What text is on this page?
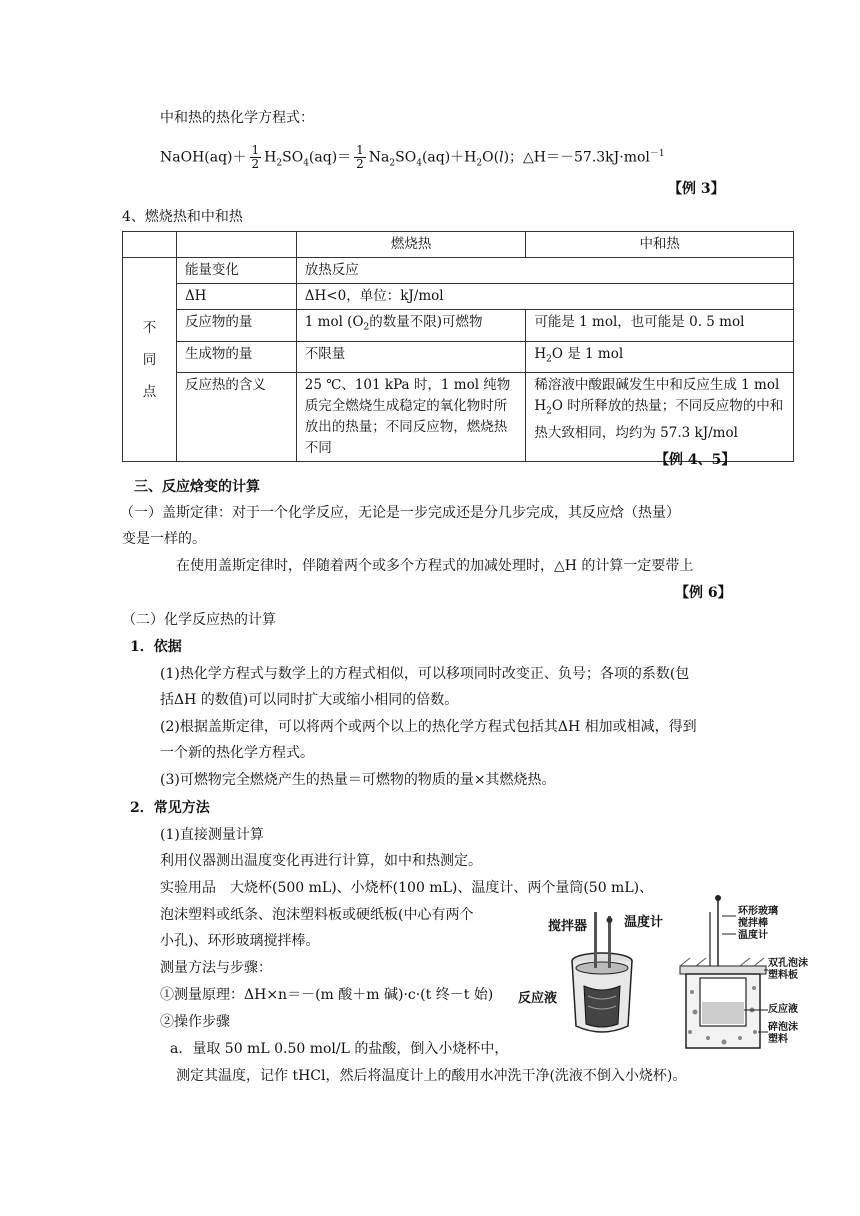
中和热的热化学方程式：
NaOH(aq)＋ $\frac{1}{2} H_2SO_4(aq)= \frac{1}{2} Na_2SO_4(aq)+H_2O(l)$；△H＝－57.3kJ·mol$^{-1}$
【例 3】
4、燃烧热和中和热
		燃烧热	中和热

不
同
点	能量变化	放热反应	
	ΔH	ΔH<0，单位：kJ/mol	
	反应物的量	1 mol ($O_2$的数量不限)可燃物	可能是 1 mol，也可能是 0. 5 mol
	生成物的量	不限量	$H_2O$ 是 1 mol
	反应热的含义	25 ℃、101 kPa 时，1 mol 纯物质完全燃烧生成稳定的氧化物时所放出的热量；不同反应物，燃烧热不同	稀溶液中酸跟碱发生中和反应生成 1 mol $H_2O$ 时所释放的热量；不同反应物的中和热大致相同，均约为 57.3 kJ/mol
【例 4、5】
三、反应焓变的计算
（一）盖斯定律：对于一个化学反应，无论是一步完成还是分几步完成，其反应焓（热量）
变是一样的。
在使用盖斯定律时，伴随着两个或多个方程式的加减处理时，△H 的计算一定要带上
【例 6】
（二）化学反应热的计算
1．依据
(1)热化学方程式与数学上的方程式相似，可以移项同时改变正、负号；各项的系数(包
括ΔH 的数值)可以同时扩大或缩小相同的倍数。
(2)根据盖斯定律，可以将两个或两个以上的热化学方程式包括其ΔH 相加或相减，得到
一个新的热化学方程式。
(3)可燃物完全燃烧产生的热量＝可燃物的物质的量×其燃烧热。
2．常见方法
(1)直接测量计算
利用仪器测出温度变化再进行计算，如中和热测定。
实验用品　大烧杯(500 mL)、小烧杯(100 mL)、温度计、两个量筒(50 mL)、
泡沫塑料或纸条、泡沫塑料板或硬纸板(中心有两个
小孔)、环形玻璃搅拌棒。
测量方法与步骤：
①测量原理：ΔH×n＝－(m 酸＋m 碱)·c·(t 终－t 始)
②操作步骤
a．量取 50 mL 0.50 mol/L 的盐酸，倒入小烧杯中，
测定其温度，记作 tHCl，然后将温度计上的酸用水冲洗干净(洗液不倒入小烧杯)。
搅拌器	温度计
反应液
环形玻璃
搅拌棒
温度计
双孔泡沫
塑料板
反应液
碎泡沫
塑料
